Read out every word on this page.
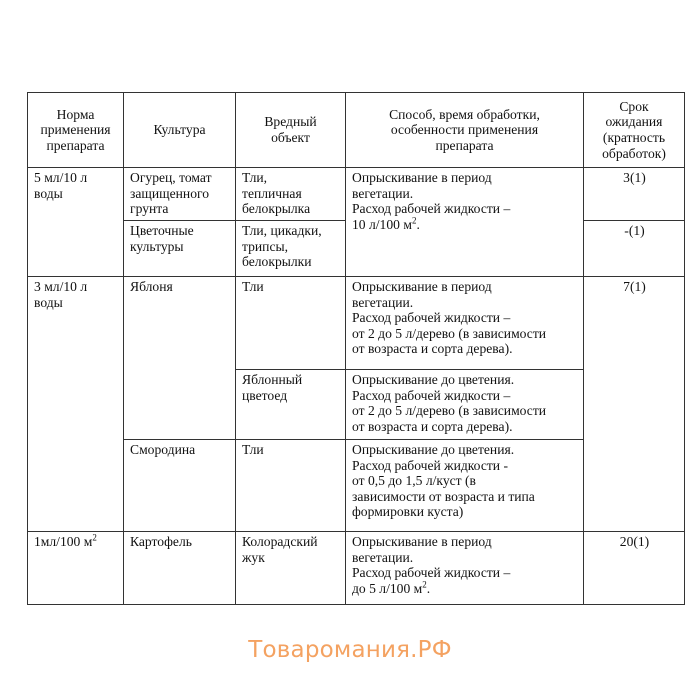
Норма
применения
препарата	Культура	Вредный
объект	Способ, время обработки,
особенности применения
препарата	Срок
ожидания
(кратность
обработок)

5 мл/10 л
воды	Огурец, томат
защищенного
грунта	Тли,
тепличная
белокрылка	Опрыскивание в период
вегетации.
Расход рабочей жидкости –
10 л/100 $м^2$.	3(1)

	Цветочные
культуры	Тли, цикадки,
трипсы,
белокрылки		-(1)

3 мл/10 л
воды	Яблоня	Тли	Опрыскивание в период
вегетации.
Расход рабочей жидкости –
от 2 до 5 л/дерево (в зависимости
от возраста и сорта дерева).	7(1)

		Яблонный
цветоед	Опрыскивание до цветения.
Расход рабочей жидкости –
от 2 до 5 л/дерево (в зависимости
от возраста и сорта дерева).	

	Смородина	Тли	Опрыскивание до цветения.
Расход рабочей жидкости -
от 0,5 до 1,5 л/куст (в
зависимости от возраста и типа
формировки куста)	

1мл/100 $м^2$	Картофель	Колорадский
жук	Опрыскивание в период
вегетации.
Расход рабочей жидкости –
до 5 л/100 $м^2$.	20(1)
Товаромания.РФ
